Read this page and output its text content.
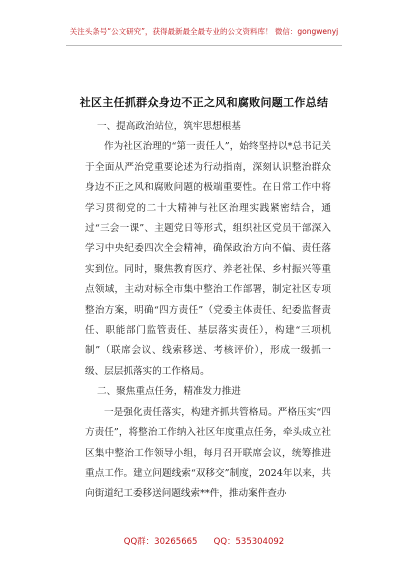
关注头条号“公文研究”，获得最新最全最专业的公文资料库！ 微信：gongwenyj
社区主任抓群众身边不正之风和腐败问题工作总结

一、提高政治站位，筑牢思想根基

作为社区治理的“第一责任人”，始终坚持以*总书记关于全面从严治党重要论述为行动指南，深刻认识整治群众身边不正之风和腐败问题的极端重要性。在日常工作中将学习贯彻党的二十大精神与社区治理实践紧密结合，通过“三会一课”、主题党日等形式，组织社区党员干部深入学习中央纪委四次全会精神，确保政治方向不偏、责任落实到位。同时，聚焦教育医疗、养老社保、乡村振兴等重点领域，主动对标全市集中整治工作部署，制定社区专项整治方案，明确“四方责任”（党委主体责任、纪委监督责任、职能部门监管责任、基层落实责任），构建“三项机制”（联席会议、线索移送、考核评价），形成一级抓一级、层层抓落实的工作格局。

二、聚焦重点任务，精准发力推进

一是强化责任落实，构建齐抓共管格局。严格压实“四方责任”，将整治工作纳入社区年度重点任务，牵头成立社区集中整治工作领导小组，每月召开联席会议，统筹推进重点工作。建立问题线索“双移交”制度，2024年以来，共向街道纪工委移送问题线索**件，推动案件查办

QQ群：30265665      QQ：535304092
